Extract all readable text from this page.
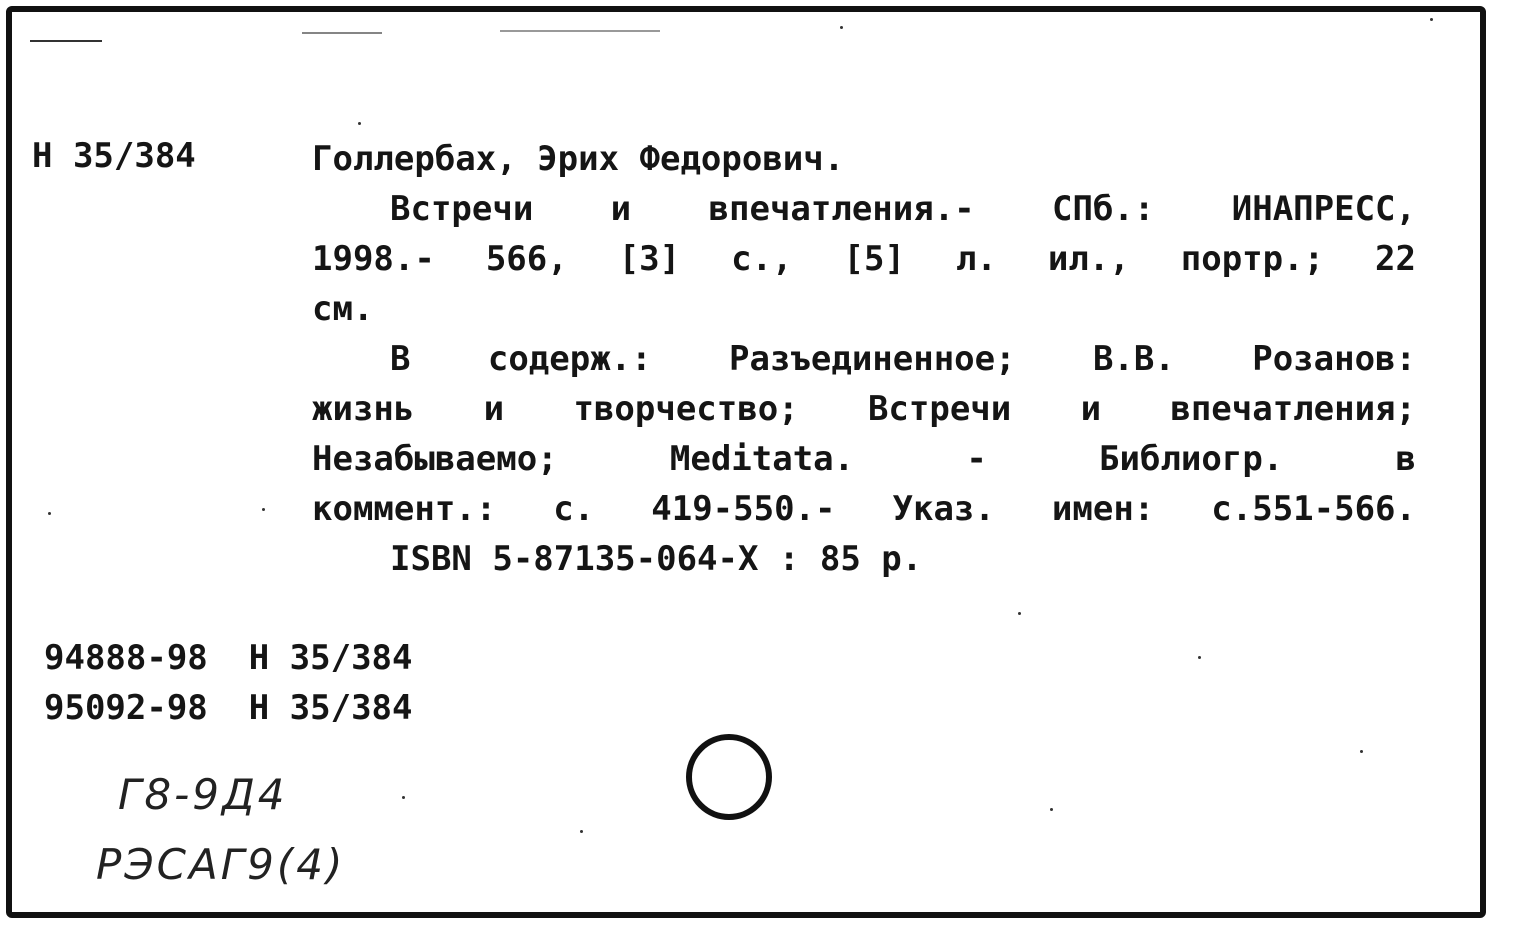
Н 35/384	Голлербах, Эрих Федорович.
Встречи и впечатления.- СПб.: ИНАПРЕСС,
1998.- 566, [3] с., [5] л. ил., портр.; 22
см.
В содерж.: Разъединенное; В.В. Розанов:
жизнь и творчество; Встречи и впечатления;
Незабываемо; Meditata. - Библиогр. в
коммент.: с. 419-550.- Указ. имен: с.551-566.
ISBN 5-87135-064-X : 85 р.
94888-98 Н 35/384
95092-98 Н 35/384
Г8-9Д4
РЭСАГ9(4)
